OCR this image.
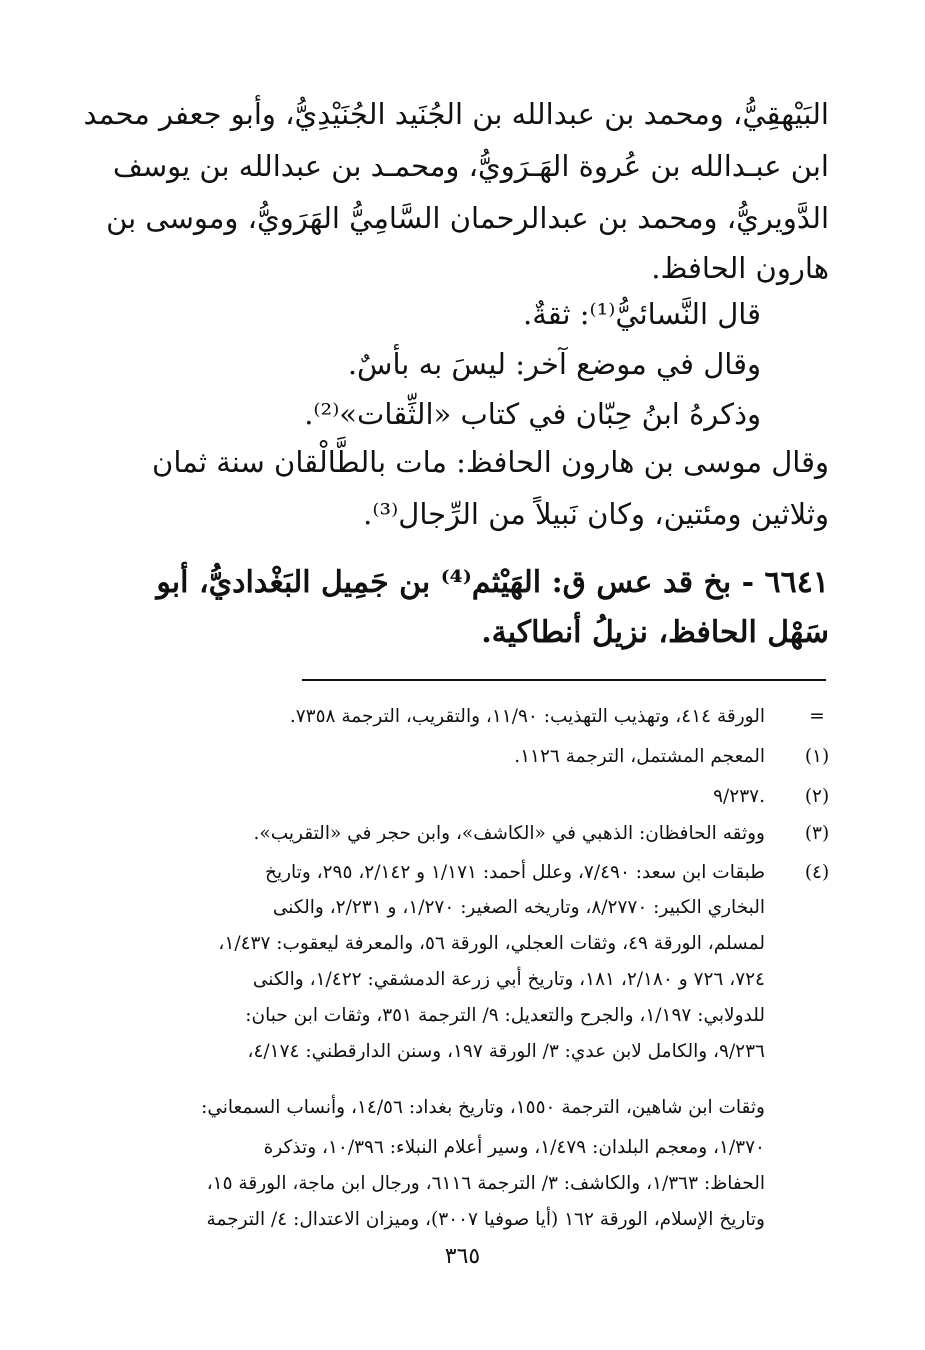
البَيْهقِيُّ، ومحمد بن عبدالله بن الجُنَيد الجُنَيْدِيُّ، وأبو جعفر محمد
ابن عبـدالله بن عُروة الهَـرَويُّ، ومحمـد بن عبدالله بن يوسف
الدَّويريُّ، ومحمد بن عبدالرحمان السَّامِيُّ الهَرَويُّ، وموسى بن
هارون الحافظ.
قال النَّسائيُّ⁽¹⁾: ثقةٌ.
وقال في موضع آخر: ليسَ به بأسٌ.
وذكرهُ ابنُ حِبّان في كتاب «الثِّقات»⁽²⁾.
وقال موسى بن هارون الحافظ: مات بالطَّالْقان سنة ثمان
وثلاثين ومئتين، وكان نَبيلاً من الرِّجال⁽³⁾.
٦٦٤١ - بخ قد عس ق: الهَيْثم⁽⁴⁾ بن جَمِيل البَغْداديُّ، أبو
سَهْل الحافظ، نزيلُ أنطاكية.
=
(١)
(٢)
(٣)
(٤)
الورقة ٤١٤، وتهذيب التهذيب: ١١/٩٠، والتقريب، الترجمة ٧٣٥٨.
المعجم المشتمل، الترجمة ١١٢٦.
٩/٢٣٧.
ووثقه الحافظان: الذهبي في «الكاشف»، وابن حجر في «التقريب».
طبقات ابن سعد: ٧/٤٩٠، وعلل أحمد: ١/١٧١ و ٢/١٤٢، ٢٩٥، وتاريخ
البخاري الكبير: ٨/٢٧٧٠، وتاريخه الصغير: ١/٢٧٠، و ٢/٢٣١، والكنى
لمسلم، الورقة ٤٩، وثقات العجلي، الورقة ٥٦، والمعرفة ليعقوب: ١/٤٣٧،
٧٢٤، ٧٢٦ و ٢/١٨٠، ١٨١، وتاريخ أبي زرعة الدمشقي: ١/٤٢٢، والكنى
للدولابي: ١/١٩٧، والجرح والتعديل: ٩/ الترجمة ٣٥١، وثقات ابن حبان:
٩/٢٣٦، والكامل لابن عدي: ٣/ الورقة ١٩٧، وسنن الدارقطني: ٤/١٧٤،
وثقات ابن شاهين، الترجمة ١٥٥٠، وتاريخ بغداد: ١٤/٥٦، وأنساب السمعاني:
١/٣٧٠، ومعجم البلدان: ١/٤٧٩، وسير أعلام النبلاء: ١٠/٣٩٦، وتذكرة
الحفاظ: ١/٣٦٣، والكاشف: ٣/ الترجمة ٦١١٦، ورجال ابن ماجة، الورقة ١٥،
وتاريخ الإسلام، الورقة ١٦٢ (أيا صوفيا ٣٠٠٧)، وميزان الاعتدال: ٤/ الترجمة
٣٦٥
